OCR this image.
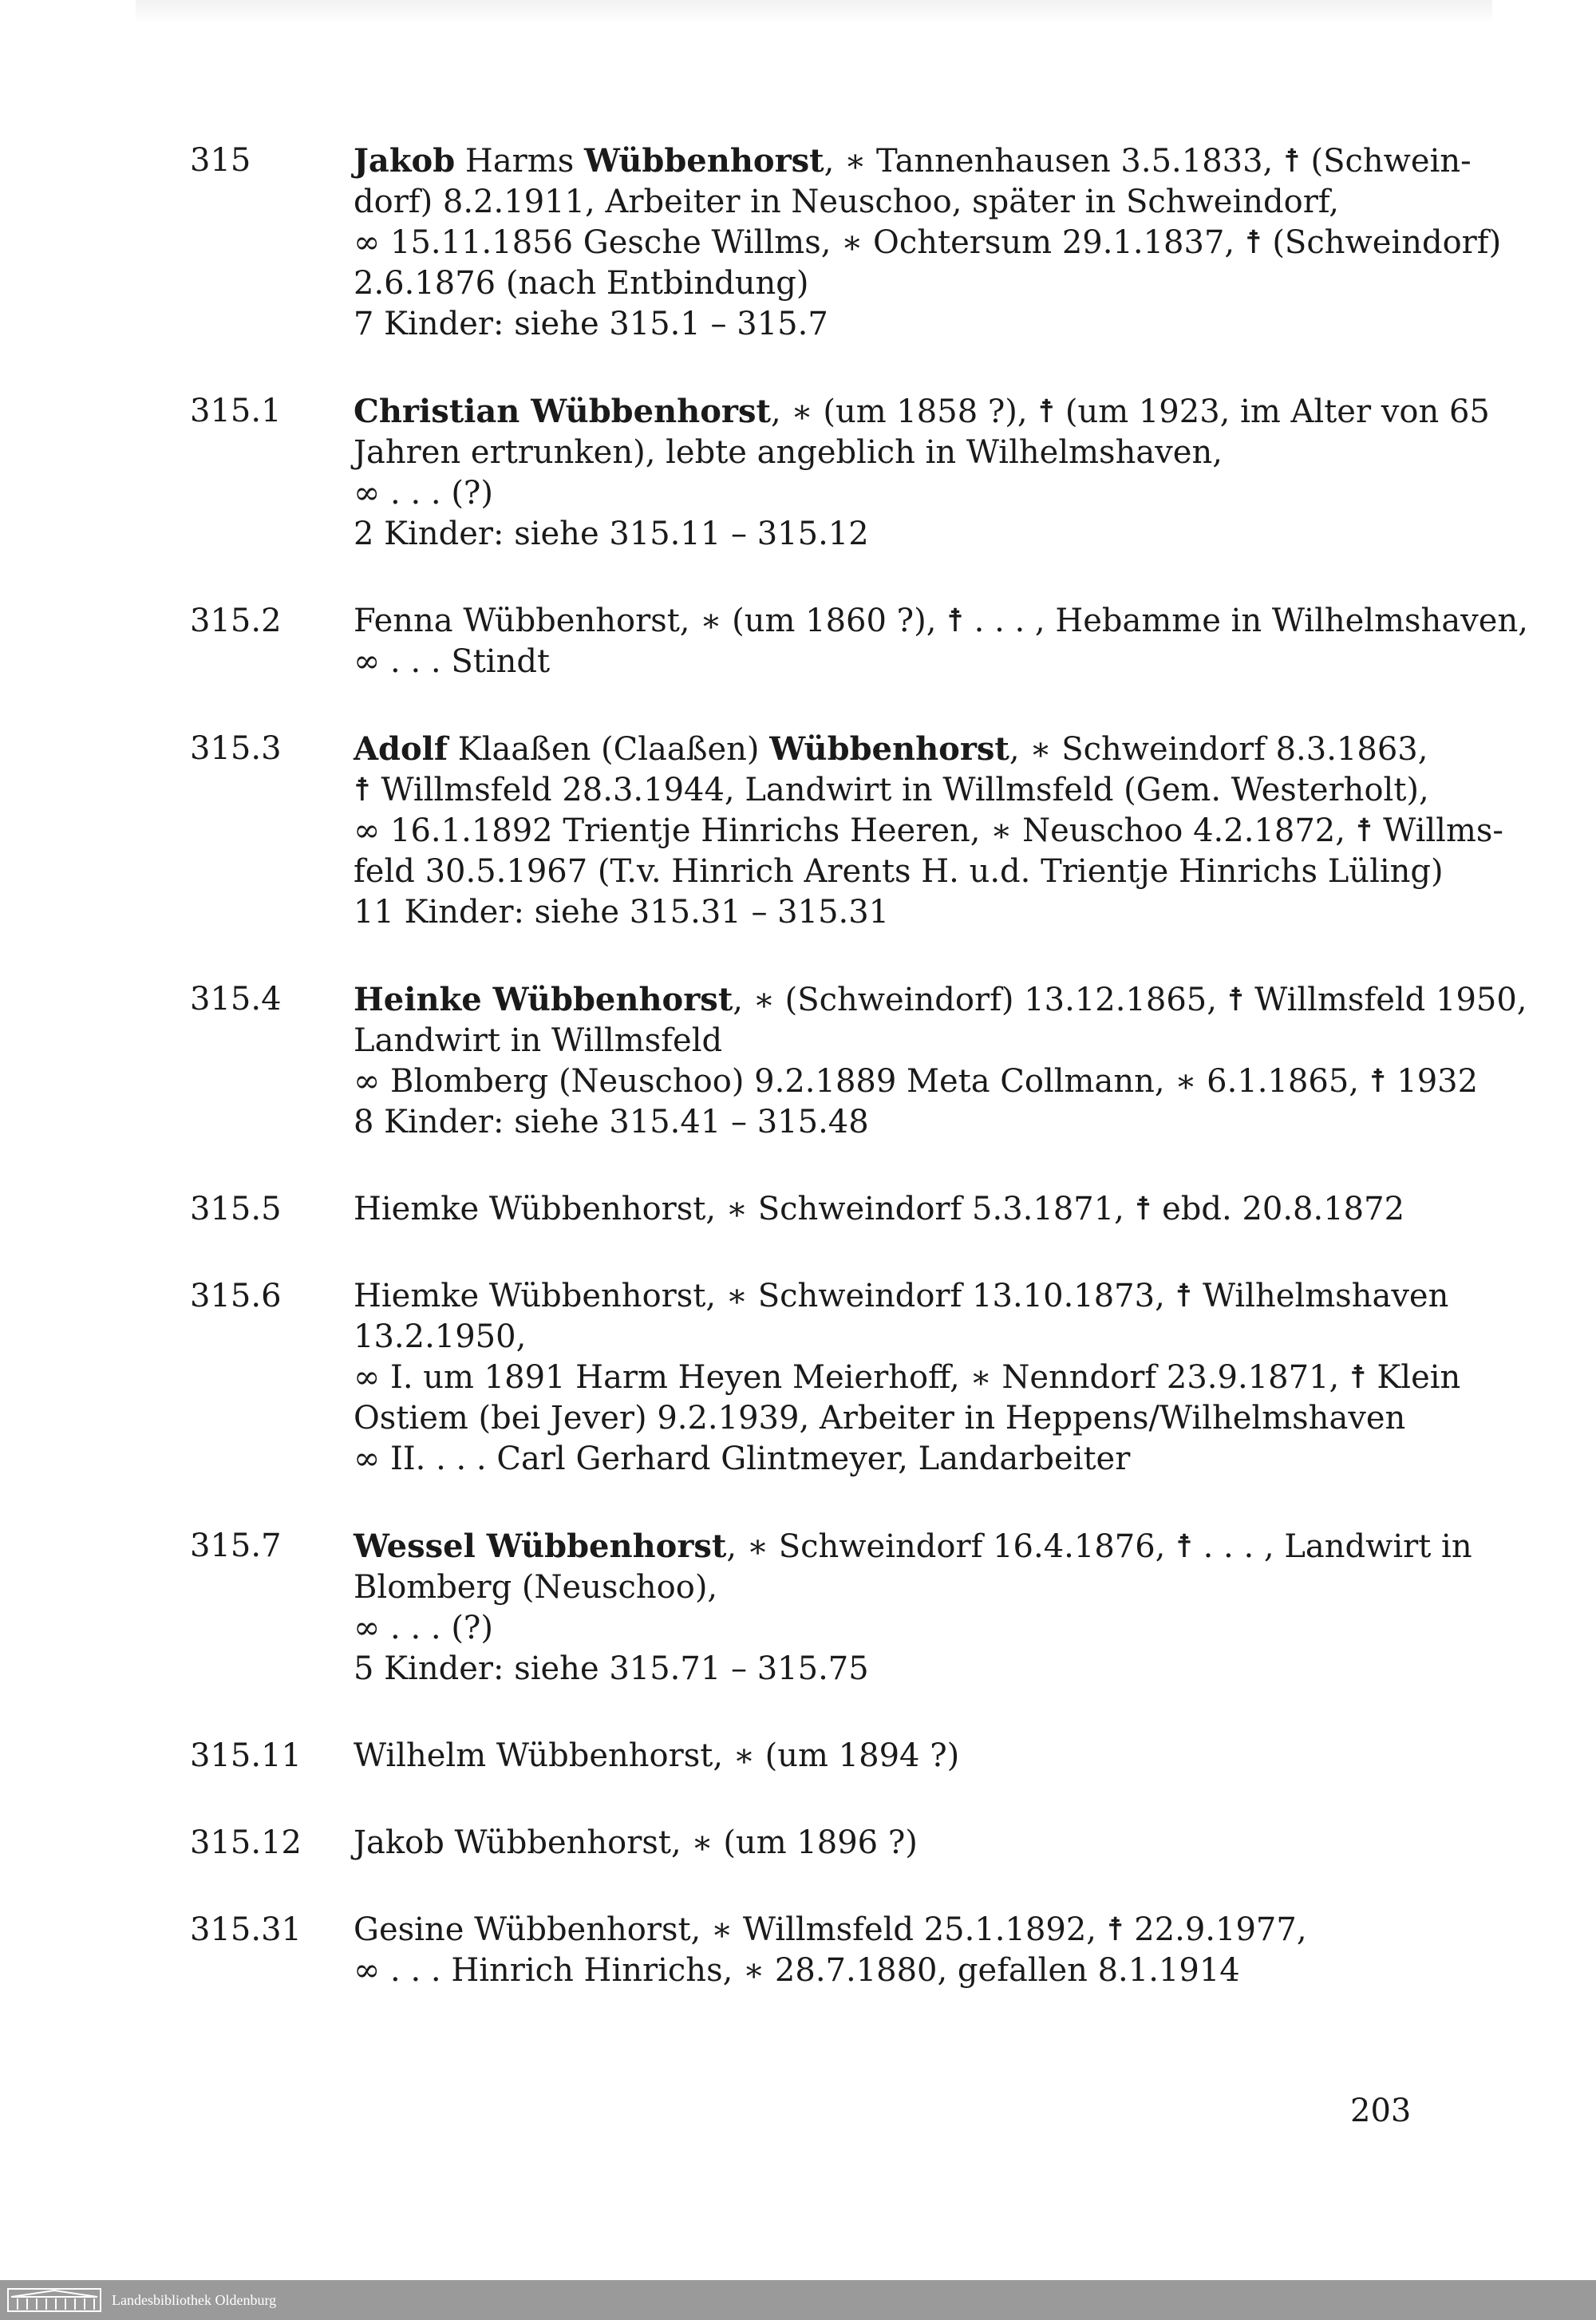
315	Jakob Harms Wübbenhorst, ∗ Tannenhausen 3.5.1833, ☨ (Schwein-
dorf) 8.2.1911, Arbeiter in Neuschoo, später in Schweindorf,
∞ 15.11.1856 Gesche Willms, ∗ Ochtersum 29.1.1837, ☨ (Schweindorf)
2.6.1876 (nach Entbindung)
7 Kinder: siehe 315.1 – 315.7
315.1	Christian Wübbenhorst, ∗ (um 1858 ?), ☨ (um 1923, im Alter von 65
Jahren ertrunken), lebte angeblich in Wilhelmshaven,
∞ . . . (?)
2 Kinder: siehe 315.11 – 315.12
315.2	Fenna Wübbenhorst, ∗ (um 1860 ?), ☨ . . . , Hebamme in Wilhelmshaven,
∞ . . . Stindt
315.3	Adolf Klaaßen (Claaßen) Wübbenhorst, ∗ Schweindorf 8.3.1863,
☨ Willmsfeld 28.3.1944, Landwirt in Willmsfeld (Gem. Westerholt),
∞ 16.1.1892 Trientje Hinrichs Heeren, ∗ Neuschoo 4.2.1872, ☨ Willms-
feld 30.5.1967 (T.v. Hinrich Arents H. u.d. Trientje Hinrichs Lüling)
11 Kinder: siehe 315.31 – 315.31
315.4	Heinke Wübbenhorst, ∗ (Schweindorf) 13.12.1865, ☨ Willmsfeld 1950,
Landwirt in Willmsfeld
∞ Blomberg (Neuschoo) 9.2.1889 Meta Collmann, ∗ 6.1.1865, ☨ 1932
8 Kinder: siehe 315.41 – 315.48
315.5	Hiemke Wübbenhorst, ∗ Schweindorf 5.3.1871, ☨ ebd. 20.8.1872
315.6	Hiemke Wübbenhorst, ∗ Schweindorf 13.10.1873, ☨ Wilhelmshaven
13.2.1950,
∞ I. um 1891 Harm Heyen Meierhoff, ∗ Nenndorf 23.9.1871, ☨ Klein
Ostiem (bei Jever) 9.2.1939, Arbeiter in Heppens/Wilhelmshaven
∞ II. . . . Carl Gerhard Glintmeyer, Landarbeiter
315.7	Wessel Wübbenhorst, ∗ Schweindorf 16.4.1876, ☨ . . . , Landwirt in
Blomberg (Neuschoo),
∞ . . . (?)
5 Kinder: siehe 315.71 – 315.75
315.11	Wilhelm Wübbenhorst, ∗ (um 1894 ?)
315.12	Jakob Wübbenhorst, ∗ (um 1896 ?)
315.31	Gesine Wübbenhorst, ∗ Willmsfeld 25.1.1892, ☨ 22.9.1977,
∞ . . . Hinrich Hinrichs, ∗ 28.7.1880, gefallen 8.1.1914
203
Landesbibliothek Oldenburg
